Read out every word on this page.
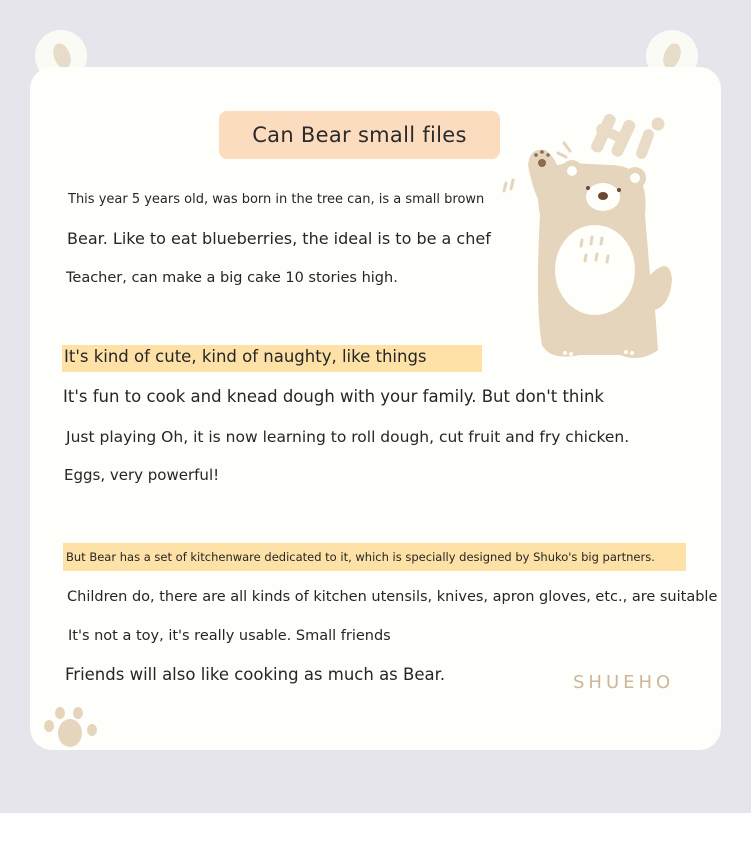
Can Bear small files
This year 5 years old, was born in the tree can, is a small brown
Bear. Like to eat blueberries, the ideal is to be a chef
Teacher, can make a big cake 10 stories high.
It's kind of cute, kind of naughty, like things
It's fun to cook and knead dough with your family. But don't think
Just playing Oh, it is now learning to roll dough, cut fruit and fry chicken.
Eggs, very powerful!
But Bear has a set of kitchenware dedicated to it, which is specially designed by Shuko's big partners.
Children do, there are all kinds of kitchen utensils, knives, apron gloves, etc., are suitable
It's not a toy, it's really usable. Small friends
Friends will also like cooking as much as Bear.	SHUEHO
